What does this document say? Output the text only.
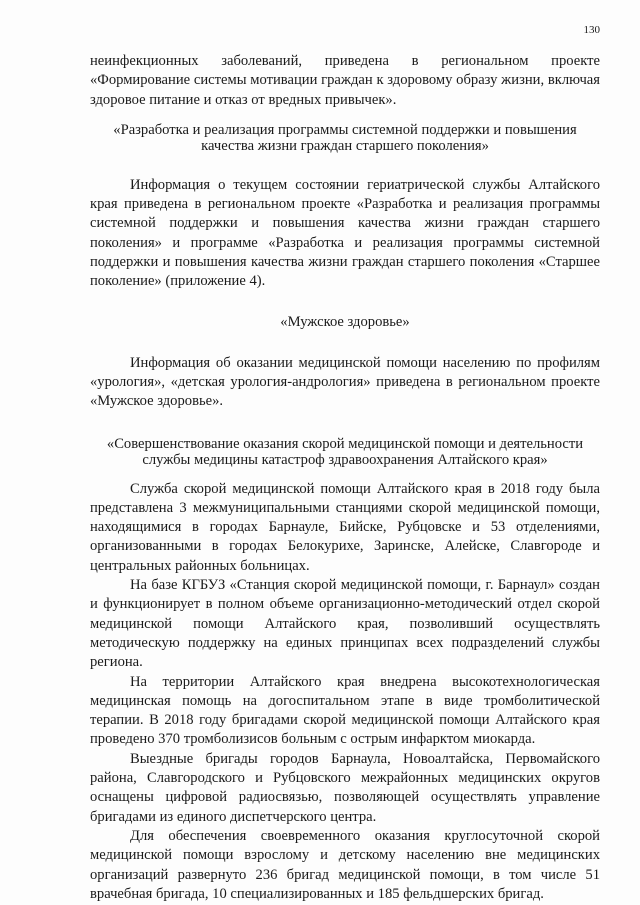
130

неинфекционных заболеваний, приведена в региональном проекте «Формирование системы мотивации граждан к здоровому образу жизни, включая здоровое питание и отказ от вредных привычек».

«Разработка и реализация программы системной поддержки и повышения качества жизни граждан старшего поколения»

Информация о текущем состоянии гериатрической службы Алтайского края приведена в региональном проекте «Разработка и реализация программы системной поддержки и повышения качества жизни граждан старшего поколения» и программе «Разработка и реализация программы системной поддержки и повышения качества жизни граждан старшего поколения «Старшее поколение» (приложение 4).

«Мужское здоровье»

Информация об оказании медицинской помощи населению по профилям «урология», «детская урология-андрология» приведена в региональном проекте «Мужское здоровье».

«Совершенствование оказания скорой медицинской помощи и деятельности службы медицины катастроф здравоохранения Алтайского края»

Служба скорой медицинской помощи Алтайского края в 2018 году была представлена 3 межмуниципальными станциями скорой медицинской помощи, находящимися в городах Барнауле, Бийске, Рубцовске и 53 отделениями, организованными в городах Белокурихе, Заринске, Алейске, Славгороде и центральных районных больницах.

На базе КГБУЗ «Станция скорой медицинской помощи, г. Барнаул» создан и функционирует в полном объеме организационно-методический отдел скорой медицинской помощи Алтайского края, позволивший осуществлять методическую поддержку на единых принципах всех подразделений службы региона.

На территории Алтайского края внедрена высокотехнологическая медицинская помощь на догоспитальном этапе в виде тромболитической терапии. В 2018 году бригадами скорой медицинской помощи Алтайского края проведено 370 тромболизисов больным с острым инфарктом миокарда.

Выездные бригады городов Барнаула, Новоалтайска, Первомайского района, Славгородского и Рубцовского межрайонных медицинских округов оснащены цифровой радиосвязью, позволяющей осуществлять управление бригадами из единого диспетчерского центра.

Для обеспечения своевременного оказания круглосуточной скорой медицинской помощи взрослому и детскому населению вне медицинских организаций развернуто 236 бригад медицинской помощи, в том числе 51 врачебная бригада, 10 специализированных и 185 фельдшерских бригад.
